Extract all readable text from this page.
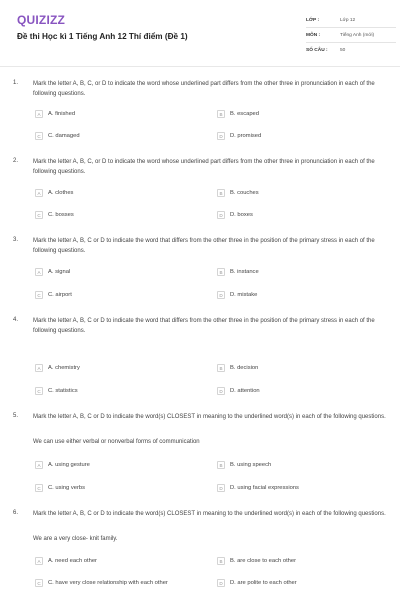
QUIZIZZ
Đề thi Học kì 1 Tiếng Anh 12 Thí điểm (Đề 1)
LỚP :	Lớp 12
MÔN :	Tiếng Anh (mới)
SỐ CÂU :	50
1. Mark the letter A, B, C, or D to indicate the word whose underlined part differs from the other three in pronunciation in each of the following questions.
A	A. finished	B	B. escaped
C	C. damaged	D	D. promised
2. Mark the letter A, B, C, or D to indicate the word whose underlined part differs from the other three in pronunciation in each of the following questions.
A	A. clothes	B	B. couches
C	C. bosses	D	D. boxes
3. Mark the letter A, B, C or D to indicate the word that differs from the other three in the position of the primary stress in each of the following questions.
A	A. signal	B	B. instance
C	C. airport	D	D. mistake
4. Mark the letter A, B, C or D to indicate the word that differs from the other three in the position of the primary stress in each of the following questions.
A	A. chemistry	B	B. decision
C	C. statistics	D	D. attention
5. Mark the letter A, B, C or D to indicate the word(s) CLOSEST in meaning to the underlined word(s) in each of the following questions.
We can use either verbal or nonverbal forms of communication
A	A. using gesture	B	B. using speech
C	C. using verbs	D	D. using facial expressions
6. Mark the letter A, B, C or D to indicate the word(s) CLOSEST in meaning to the underlined word(s) in each of the following questions.
We are a very close- knit family.
A	A. need each other	B	B. are close to each other
C	C. have very close relationship with each other	D	D. are polite to each other
